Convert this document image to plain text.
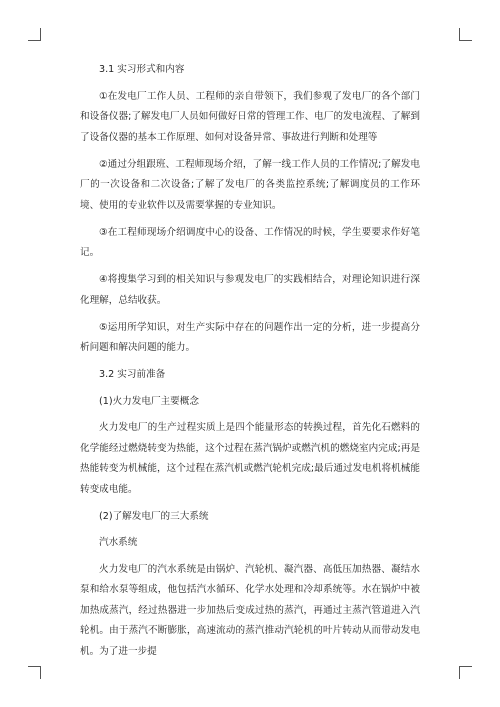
3.1 实习形式和内容

①在发电厂工作人员、工程师的亲自带领下，我们参观了发电厂的各个部门和设备仪器;了解发电厂人员如何做好日常的管理工作、电厂的发电流程、了解到了设备仪器的基本工作原理、如何对设备异常、事故进行判断和处理等

②通过分组跟班、工程师现场介绍，了解一线工作人员的工作情况;了解发电厂的一次设备和二次设备;了解了发电厂的各类监控系统;了解调度员的工作环境、使用的专业软件以及需要掌握的专业知识。

③在工程师现场介绍调度中心的设备、工作情况的时候，学生要要求作好笔记。

④将搜集学习到的相关知识与参观发电厂的实践相结合，对理论知识进行深化理解，总结收获。

⑤运用所学知识，对生产实际中存在的问题作出一定的分析，进一步提高分析问题和解决问题的能力。

3.2 实习前准备

(1)火力发电厂主要概念

火力发电厂的生产过程实质上是四个能量形态的转换过程，首先化石燃料的化学能经过燃烧转变为热能，这个过程在蒸汽锅炉或燃汽机的燃烧室内完成;再是热能转变为机械能，这个过程在蒸汽机或燃汽轮机完成;最后通过发电机将机械能转变成电能。

(2)了解发电厂的三大系统

汽水系统

火力发电厂的汽水系统是由锅炉、汽轮机、凝汽器、高低压加热器、凝结水泵和给水泵等组成，他包括汽水循环、化学水处理和冷却系统等。水在锅炉中被加热成蒸汽，经过热器进一步加热后变成过热的蒸汽，再通过主蒸汽管道进入汽轮机。由于蒸汽不断膨胀，高速流动的蒸汽推动汽轮机的叶片转动从而带动发电机。为了进一步提
